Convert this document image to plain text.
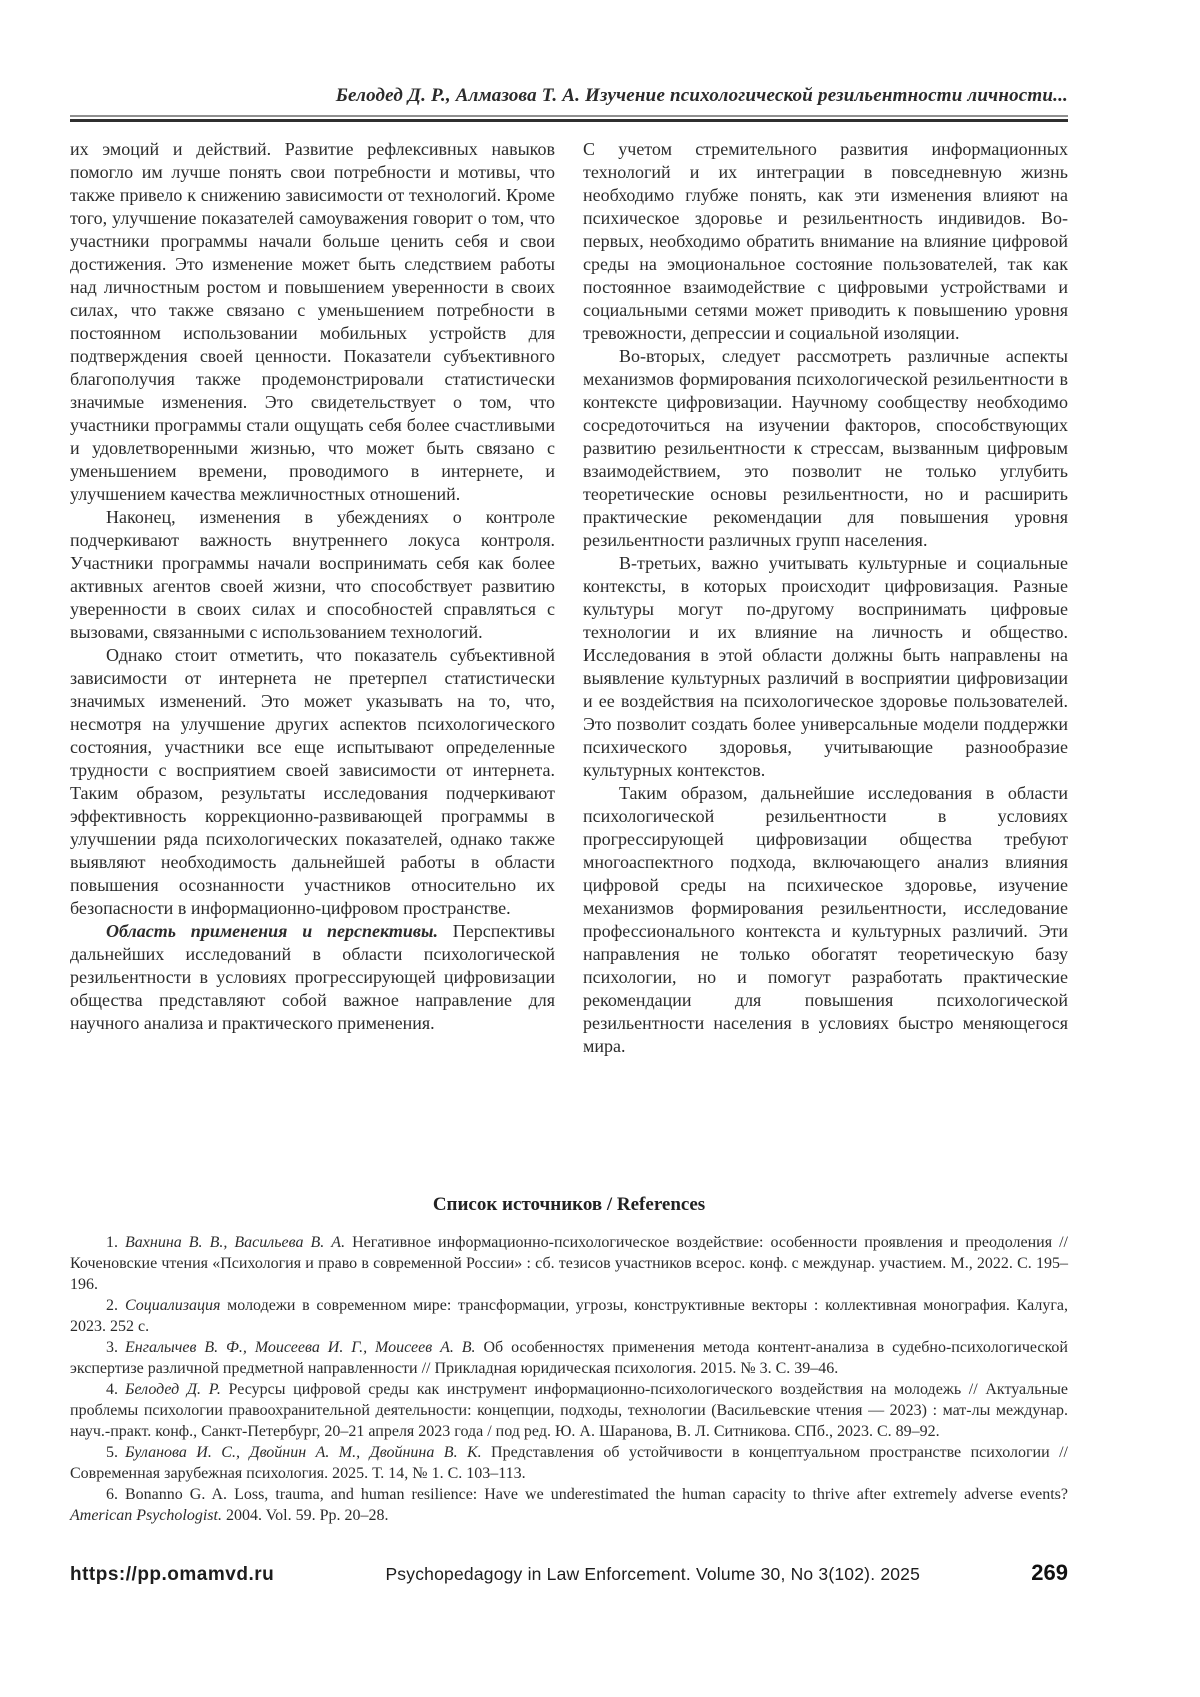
Белодед Д. Р., Алмазова Т. А. Изучение психологической резильентности личности...

их эмоций и действий. Развитие рефлексивных навыков помогло им лучше понять свои потребности и мотивы, что также привело к снижению зависимости от технологий. Кроме того, улучшение показателей самоуважения говорит о том, что участники программы начали больше ценить себя и свои достижения. Это изменение может быть следствием работы над личностным ростом и повышением уверенности в своих силах, что также связано с уменьшением потребности в постоянном использовании мобильных устройств для подтверждения своей ценности. Показатели субъективного благополучия также продемонстрировали статистически значимые изменения. Это свидетельствует о том, что участники программы стали ощущать себя более счастливыми и удовлетворенными жизнью, что может быть связано с уменьшением времени, проводимого в интернете, и улучшением качества межличностных отношений.

Наконец, изменения в убеждениях о контроле подчеркивают важность внутреннего локуса контроля. Участники программы начали воспринимать себя как более активных агентов своей жизни, что способствует развитию уверенности в своих силах и способностей справляться с вызовами, связанными с использованием технологий.

Однако стоит отметить, что показатель субъективной зависимости от интернета не претерпел статистически значимых изменений. Это может указывать на то, что, несмотря на улучшение других аспектов психологического состояния, участники все еще испытывают определенные трудности с восприятием своей зависимости от интернета. Таким образом, результаты исследования подчеркивают эффективность коррекционно-развивающей программы в улучшении ряда психологических показателей, однако также выявляют необходимость дальнейшей работы в области повышения осознанности участников относительно их безопасности в информационно-цифровом пространстве.

Область применения и перспективы. Перспективы дальнейших исследований в области психологической резильентности в условиях прогрессирующей цифровизации общества представляют собой важное направление для научного анализа и практического применения.

С учетом стремительного развития информационных технологий и их интеграции в повседневную жизнь необходимо глубже понять, как эти изменения влияют на психическое здоровье и резильентность индивидов. Во-первых, необходимо обратить внимание на влияние цифровой среды на эмоциональное состояние пользователей, так как постоянное взаимодействие с цифровыми устройствами и социальными сетями может приводить к повышению уровня тревожности, депрессии и социальной изоляции.

Во-вторых, следует рассмотреть различные аспекты механизмов формирования психологической резильентности в контексте цифровизации. Научному сообществу необходимо сосредоточиться на изучении факторов, способствующих развитию резильентности к стрессам, вызванным цифровым взаимодействием, это позволит не только углубить теоретические основы резильентности, но и расширить практические рекомендации для повышения уровня резильентности различных групп населения.

В-третьих, важно учитывать культурные и социальные контексты, в которых происходит цифровизация. Разные культуры могут по-другому воспринимать цифровые технологии и их влияние на личность и общество. Исследования в этой области должны быть направлены на выявление культурных различий в восприятии цифровизации и ее воздействия на психологическое здоровье пользователей. Это позволит создать более универсальные модели поддержки психического здоровья, учитывающие разнообразие культурных контекстов.

Таким образом, дальнейшие исследования в области психологической резильентности в условиях прогрессирующей цифровизации общества требуют многоаспектного подхода, включающего анализ влияния цифровой среды на психическое здоровье, изучение механизмов формирования резильентности, исследование профессионального контекста и культурных различий. Эти направления не только обогатят теоретическую базу психологии, но и помогут разработать практические рекомендации для повышения психологической резильентности населения в условиях быстро меняющегося мира.

Список источников / References

1. Вахнина В. В., Васильева В. А. Негативное информационно-психологическое воздействие: особенности проявления и преодоления // Коченовские чтения «Психология и право в современной России» : сб. тезисов участников всерос. конф. с междунар. участием. М., 2022. С. 195–196.

2. Социализация молодежи в современном мире: трансформации, угрозы, конструктивные векторы : коллективная монография. Калуга, 2023. 252 с.

3. Енгалычев В. Ф., Моисеева И. Г., Моисеев А. В. Об особенностях применения метода контент-анализа в судебно-психологической экспертизе различной предметной направленности // Прикладная юридическая психология. 2015. № 3. С. 39–46.

4. Белодед Д. Р. Ресурсы цифровой среды как инструмент информационно-психологического воздействия на молодежь // Актуальные проблемы психологии правоохранительной деятельности: концепции, подходы, технологии (Васильевские чтения — 2023) : мат-лы междунар. науч.-практ. конф., Санкт-Петербург, 20–21 апреля 2023 года / под ред. Ю. А. Шаранова, В. Л. Ситникова. СПб., 2023. С. 89–92.

5. Буланова И. С., Двойнин А. М., Двойнина В. К. Представления об устойчивости в концептуальном пространстве психологии // Современная зарубежная психология. 2025. Т. 14, № 1. С. 103–113.

6. Bonanno G. A. Loss, trauma, and human resilience: Have we underestimated the human capacity to thrive after extremely adverse events? American Psychologist. 2004. Vol. 59. Pp. 20–28.

https://pp.omamvd.ru	Psychopedagogy in Law Enforcement. Volume 30, No 3(102). 2025	269
